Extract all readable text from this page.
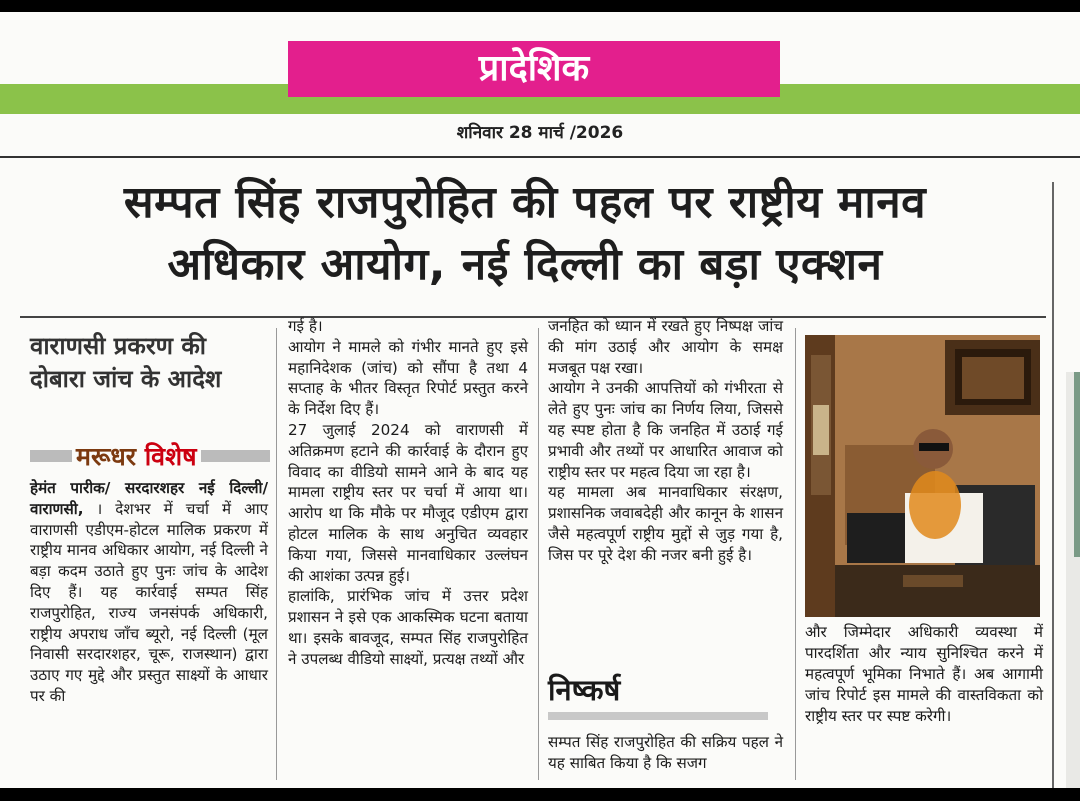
प्रादेशिक
शनिवार 28 मार्च /2026
सम्पत सिंह राजपुरोहित की पहल पर राष्ट्रीय मानव
अधिकार आयोग, नई दिल्ली का बड़ा एक्शन
वाराणसी प्रकरण की
दोबारा जांच के आदेश
मरूधर विशेष

हेमंत पारीक/ सरदारशहर नई दिल्ली/वाराणसी, । देशभर में चर्चा में आए वाराणसी एडीएम-होटल मालिक प्रकरण में राष्ट्रीय मानव अधिकार आयोग, नई दिल्ली ने बड़ा कदम उठाते हुए पुनः जांच के आदेश दिए हैं। यह कार्रवाई सम्पत सिंह राजपुरोहित, राज्य जनसंपर्क अधिकारी, राष्ट्रीय अपराध जाँच ब्यूरो, नई दिल्ली (मूल निवासी सरदारशहर, चूरू, राजस्थान) द्वारा उठाए गए मुद्दे और प्रस्तुत साक्ष्यों के आधार पर की

गई है।

आयोग ने मामले को गंभीर मानते हुए इसे महानिदेशक (जांच) को सौंपा है तथा 4 सप्ताह के भीतर विस्तृत रिपोर्ट प्रस्तुत करने के निर्देश दिए हैं।

27 जुलाई 2024 को वाराणसी में अतिक्रमण हटाने की कार्रवाई के दौरान हुए विवाद का वीडियो सामने आने के बाद यह मामला राष्ट्रीय स्तर पर चर्चा में आया था। आरोप था कि मौके पर मौजूद एडीएम द्वारा होटल मालिक के साथ अनुचित व्यवहार किया गया, जिससे मानवाधिकार उल्लंघन की आशंका उत्पन्न हुई।

हालांकि, प्रारंभिक जांच में उत्तर प्रदेश प्रशासन ने इसे एक आकस्मिक घटना बताया था। इसके बावजूद, सम्पत सिंह राजपुरोहित ने उपलब्ध वीडियो साक्ष्यों, प्रत्यक्ष तथ्यों और

जनहित को ध्यान में रखते हुए निष्पक्ष जांच की मांग उठाई और आयोग के समक्ष मजबूत पक्ष रखा।

आयोग ने उनकी आपत्तियों को गंभीरता से लेते हुए पुनः जांच का निर्णय लिया, जिससे यह स्पष्ट होता है कि जनहित में उठाई गई प्रभावी और तथ्यों पर आधारित आवाज को राष्ट्रीय स्तर पर महत्व दिया जा रहा है।

यह मामला अब मानवाधिकार संरक्षण, प्रशासनिक जवाबदेही और कानून के शासन जैसे महत्वपूर्ण राष्ट्रीय मुद्दों से जुड़ गया है, जिस पर पूरे देश की नजर बनी हुई है।

निष्कर्ष
सम्पत सिंह राजपुरोहित की सक्रिय पहल ने यह साबित किया है कि सजग
और जिम्मेदार अधिकारी व्यवस्था में पारदर्शिता और न्याय सुनिश्चित करने में महत्वपूर्ण भूमिका निभाते हैं। अब आगामी जांच रिपोर्ट इस मामले की वास्तविकता को राष्ट्रीय स्तर पर स्पष्ट करेगी।
